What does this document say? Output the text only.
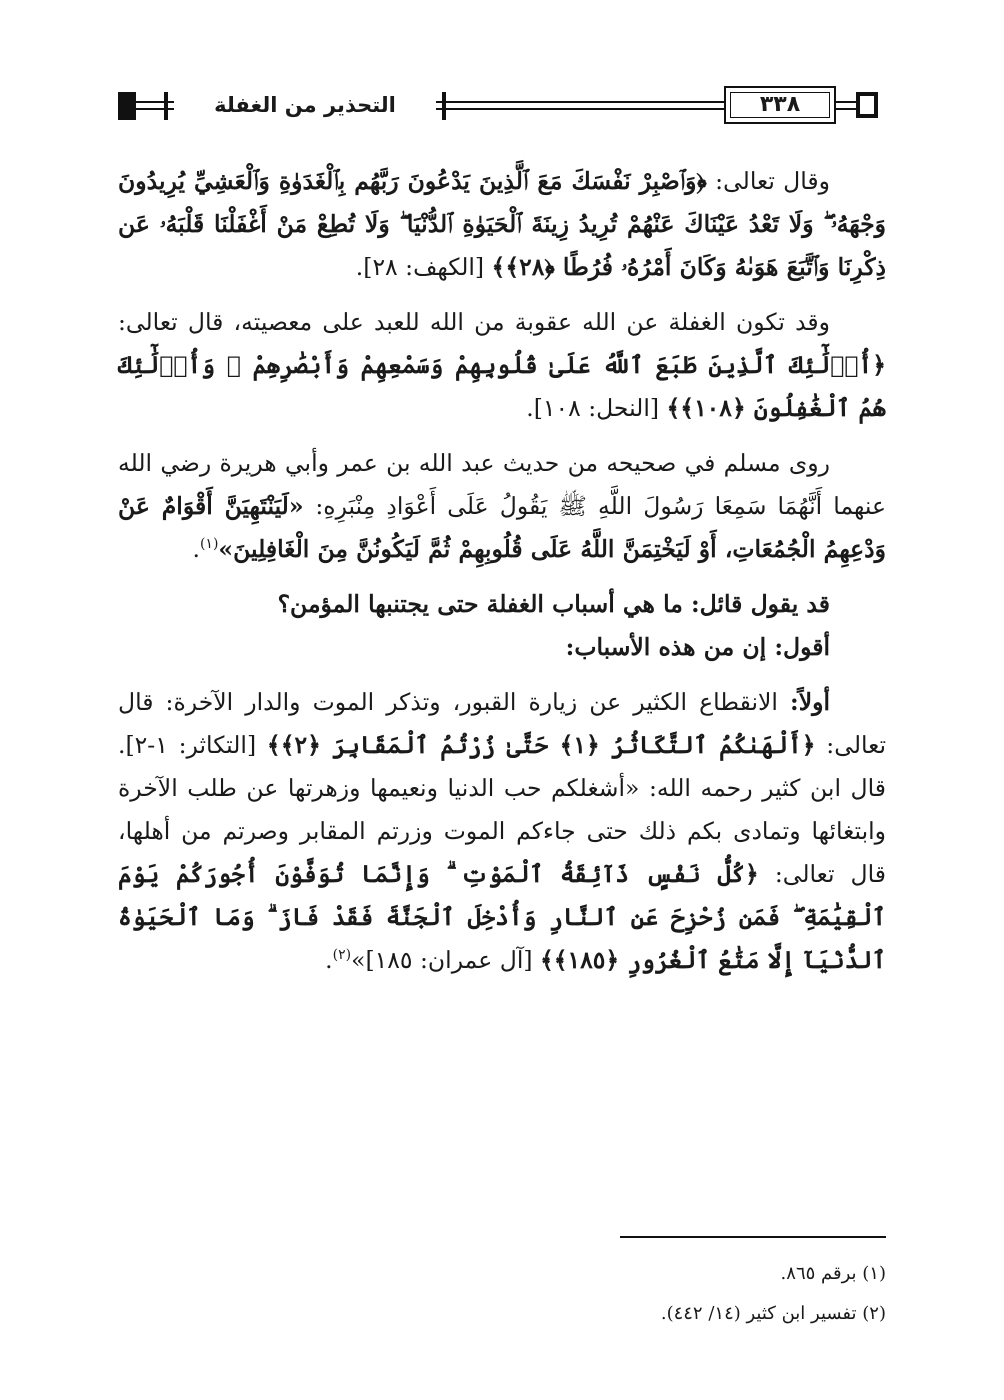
التحذير من الغفلة	٣٣٨

وقال تعالى: ﴿وَٱصْبِرْ نَفْسَكَ مَعَ ٱلَّذِينَ يَدْعُونَ رَبَّهُم بِٱلْغَدَوٰةِ وَٱلْعَشِيِّ يُرِيدُونَ وَجْهَهُۥ ۖ وَلَا تَعْدُ عَيْنَاكَ عَنْهُمْ تُرِيدُ زِينَةَ ٱلْحَيَوٰةِ ٱلدُّنْيَا ۖ وَلَا تُطِعْ مَنْ أَغْفَلْنَا قَلْبَهُۥ عَن ذِكْرِنَا وَٱتَّبَعَ هَوَىٰهُ وَكَانَ أَمْرُهُۥ فُرُطًا ﴿٢٨﴾﴾ [الكهف: ٢٨].

وقد تكون الغفلة عن الله عقوبة من الله للعبد على معصيته، قال تعالى: ﴿أُو۟لَٰٓئِكَ ٱلَّذِينَ طَبَعَ ٱللَّهُ عَلَىٰ قُلُوبِهِمْ وَسَمْعِهِمْ وَأَبْصَٰرِهِمْ ۖ وَأُو۟لَٰٓئِكَ هُمُ ٱلْغَٰفِلُونَ ﴿١٠٨﴾﴾ [النحل: ١٠٨].

روى مسلم في صحيحه من حديث عبد الله بن عمر وأبي هريرة رضي الله عنهما أَنَّهُمَا سَمِعَا رَسُولَ اللَّهِ ﷺ يَقُولُ عَلَى أَعْوَادِ مِنْبَرِهِ: «لَيَنْتَهِيَنَّ أَقْوَامٌ عَنْ وَدْعِهِمُ الْجُمُعَاتِ، أَوْ لَيَخْتِمَنَّ اللَّهُ عَلَى قُلُوبِهِمْ ثُمَّ لَيَكُونُنَّ مِنَ الْغَافِلِينَ»$^{(١)}$.

قد يقول قائل: ما هي أسباب الغفلة حتى يجتنبها المؤمن؟

أقول: إن من هذه الأسباب:

أولاً: الانقطاع الكثير عن زيارة القبور، وتذكر الموت والدار الآخرة: قال تعالى: ﴿أَلْهَىٰكُمُ ٱلتَّكَاثُرُ ﴿١﴾ حَتَّىٰ زُرْتُمُ ٱلْمَقَابِرَ ﴿٢﴾﴾ [التكاثر: ١-٢]. قال ابن كثير رحمه الله: «أشغلكم حب الدنيا ونعيمها وزهرتها عن طلب الآخرة وابتغائها وتمادى بكم ذلك حتى جاءكم الموت وزرتم المقابر وصرتم من أهلها، قال تعالى: ﴿كُلُّ نَفْسٍ ذَآئِقَةُ ٱلْمَوْتِ ۗ وَإِنَّمَا تُوَفَّوْنَ أُجُورَكُمْ يَوْمَ ٱلْقِيَٰمَةِ ۖ فَمَن زُحْزِحَ عَنِ ٱلنَّارِ وَأُدْخِلَ ٱلْجَنَّةَ فَقَدْ فَازَ ۗ وَمَا ٱلْحَيَوٰةُ ٱلدُّنْيَآ إِلَّا مَتَٰعُ ٱلْغُرُورِ ﴿١٨٥﴾﴾ [آل عمران: ١٨٥]»$^{(٢)}$.

(١) برقم ٨٦٥.
(٢) تفسير ابن كثير (١٤/ ٤٤٢).
